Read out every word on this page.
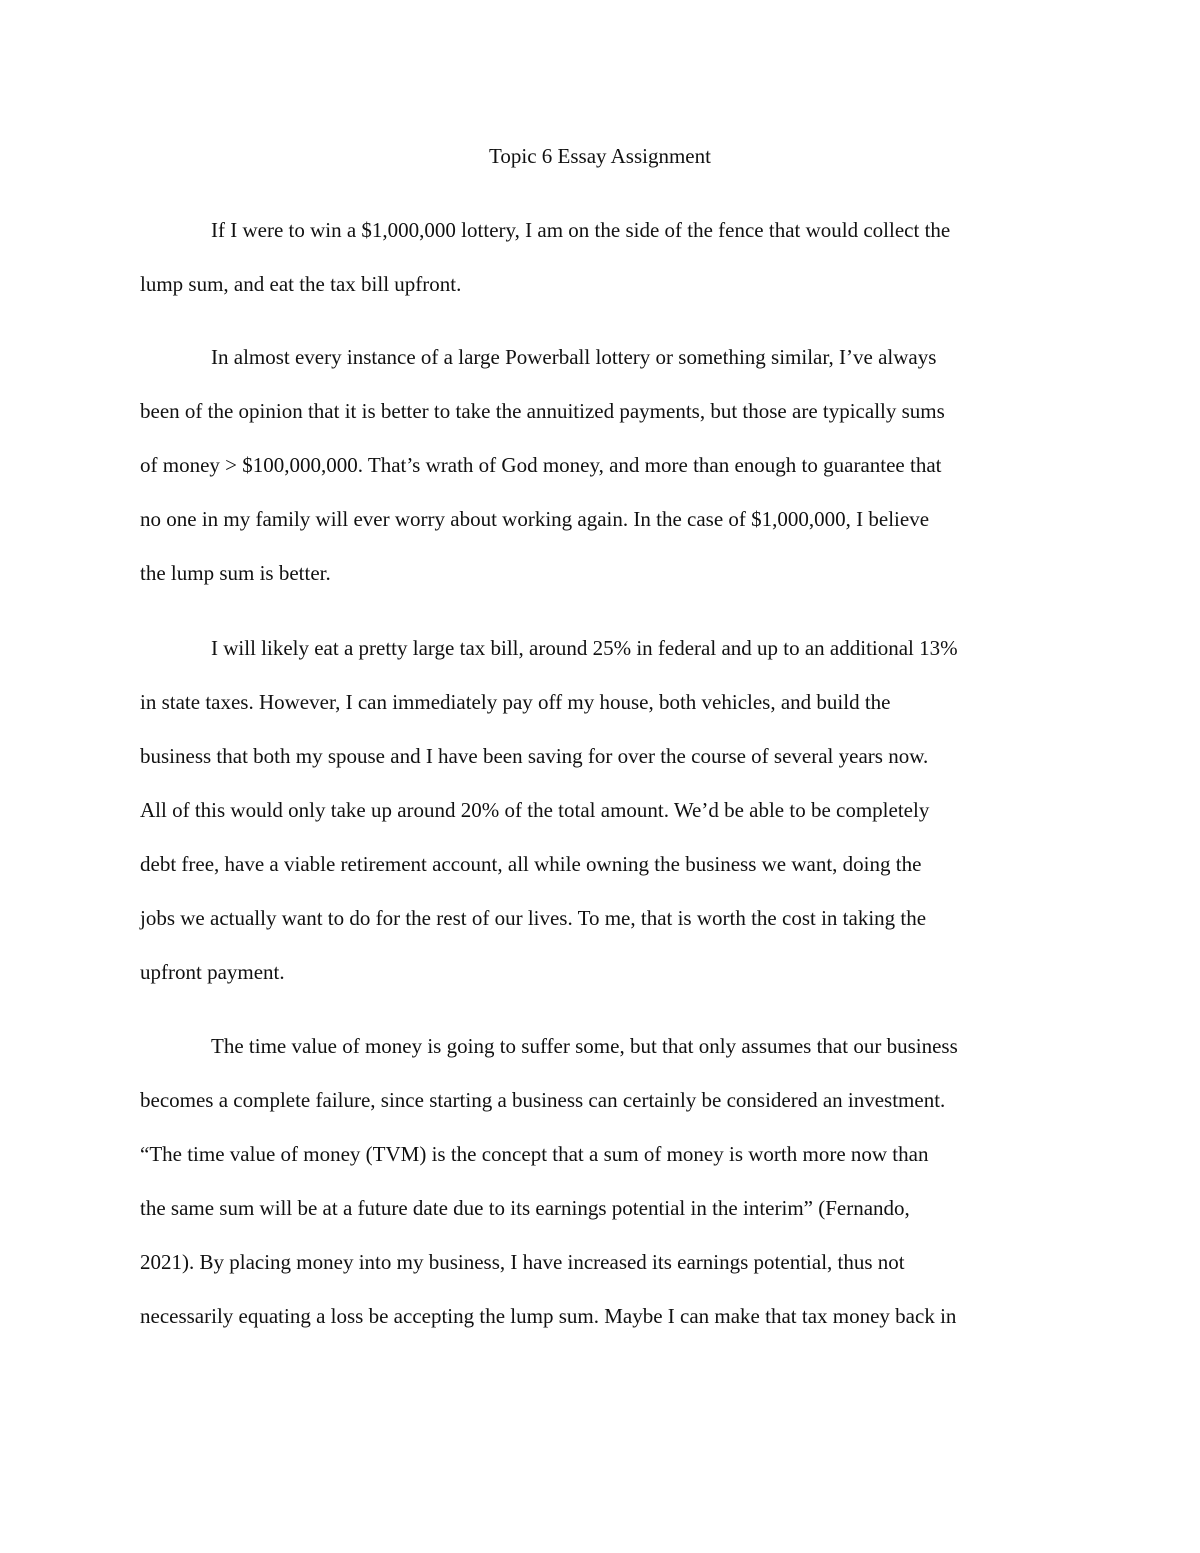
Topic 6 Essay Assignment
If I were to win a $1,000,000 lottery, I am on the side of the fence that would collect the
lump sum, and eat the tax bill upfront.
In almost every instance of a large Powerball lottery or something similar, I’ve always
been of the opinion that it is better to take the annuitized payments, but those are typically sums
of money > $100,000,000. That’s wrath of God money, and more than enough to guarantee that
no one in my family will ever worry about working again. In the case of $1,000,000, I believe
the lump sum is better.
I will likely eat a pretty large tax bill, around 25% in federal and up to an additional 13%
in state taxes. However, I can immediately pay off my house, both vehicles, and build the
business that both my spouse and I have been saving for over the course of several years now.
All of this would only take up around 20% of the total amount. We’d be able to be completely
debt free, have a viable retirement account, all while owning the business we want, doing the
jobs we actually want to do for the rest of our lives. To me, that is worth the cost in taking the
upfront payment.
The time value of money is going to suffer some, but that only assumes that our business
becomes a complete failure, since starting a business can certainly be considered an investment.
“The time value of money (TVM) is the concept that a sum of money is worth more now than
the same sum will be at a future date due to its earnings potential in the interim” (Fernando,
2021). By placing money into my business, I have increased its earnings potential, thus not
necessarily equating a loss be accepting the lump sum. Maybe I can make that tax money back in
